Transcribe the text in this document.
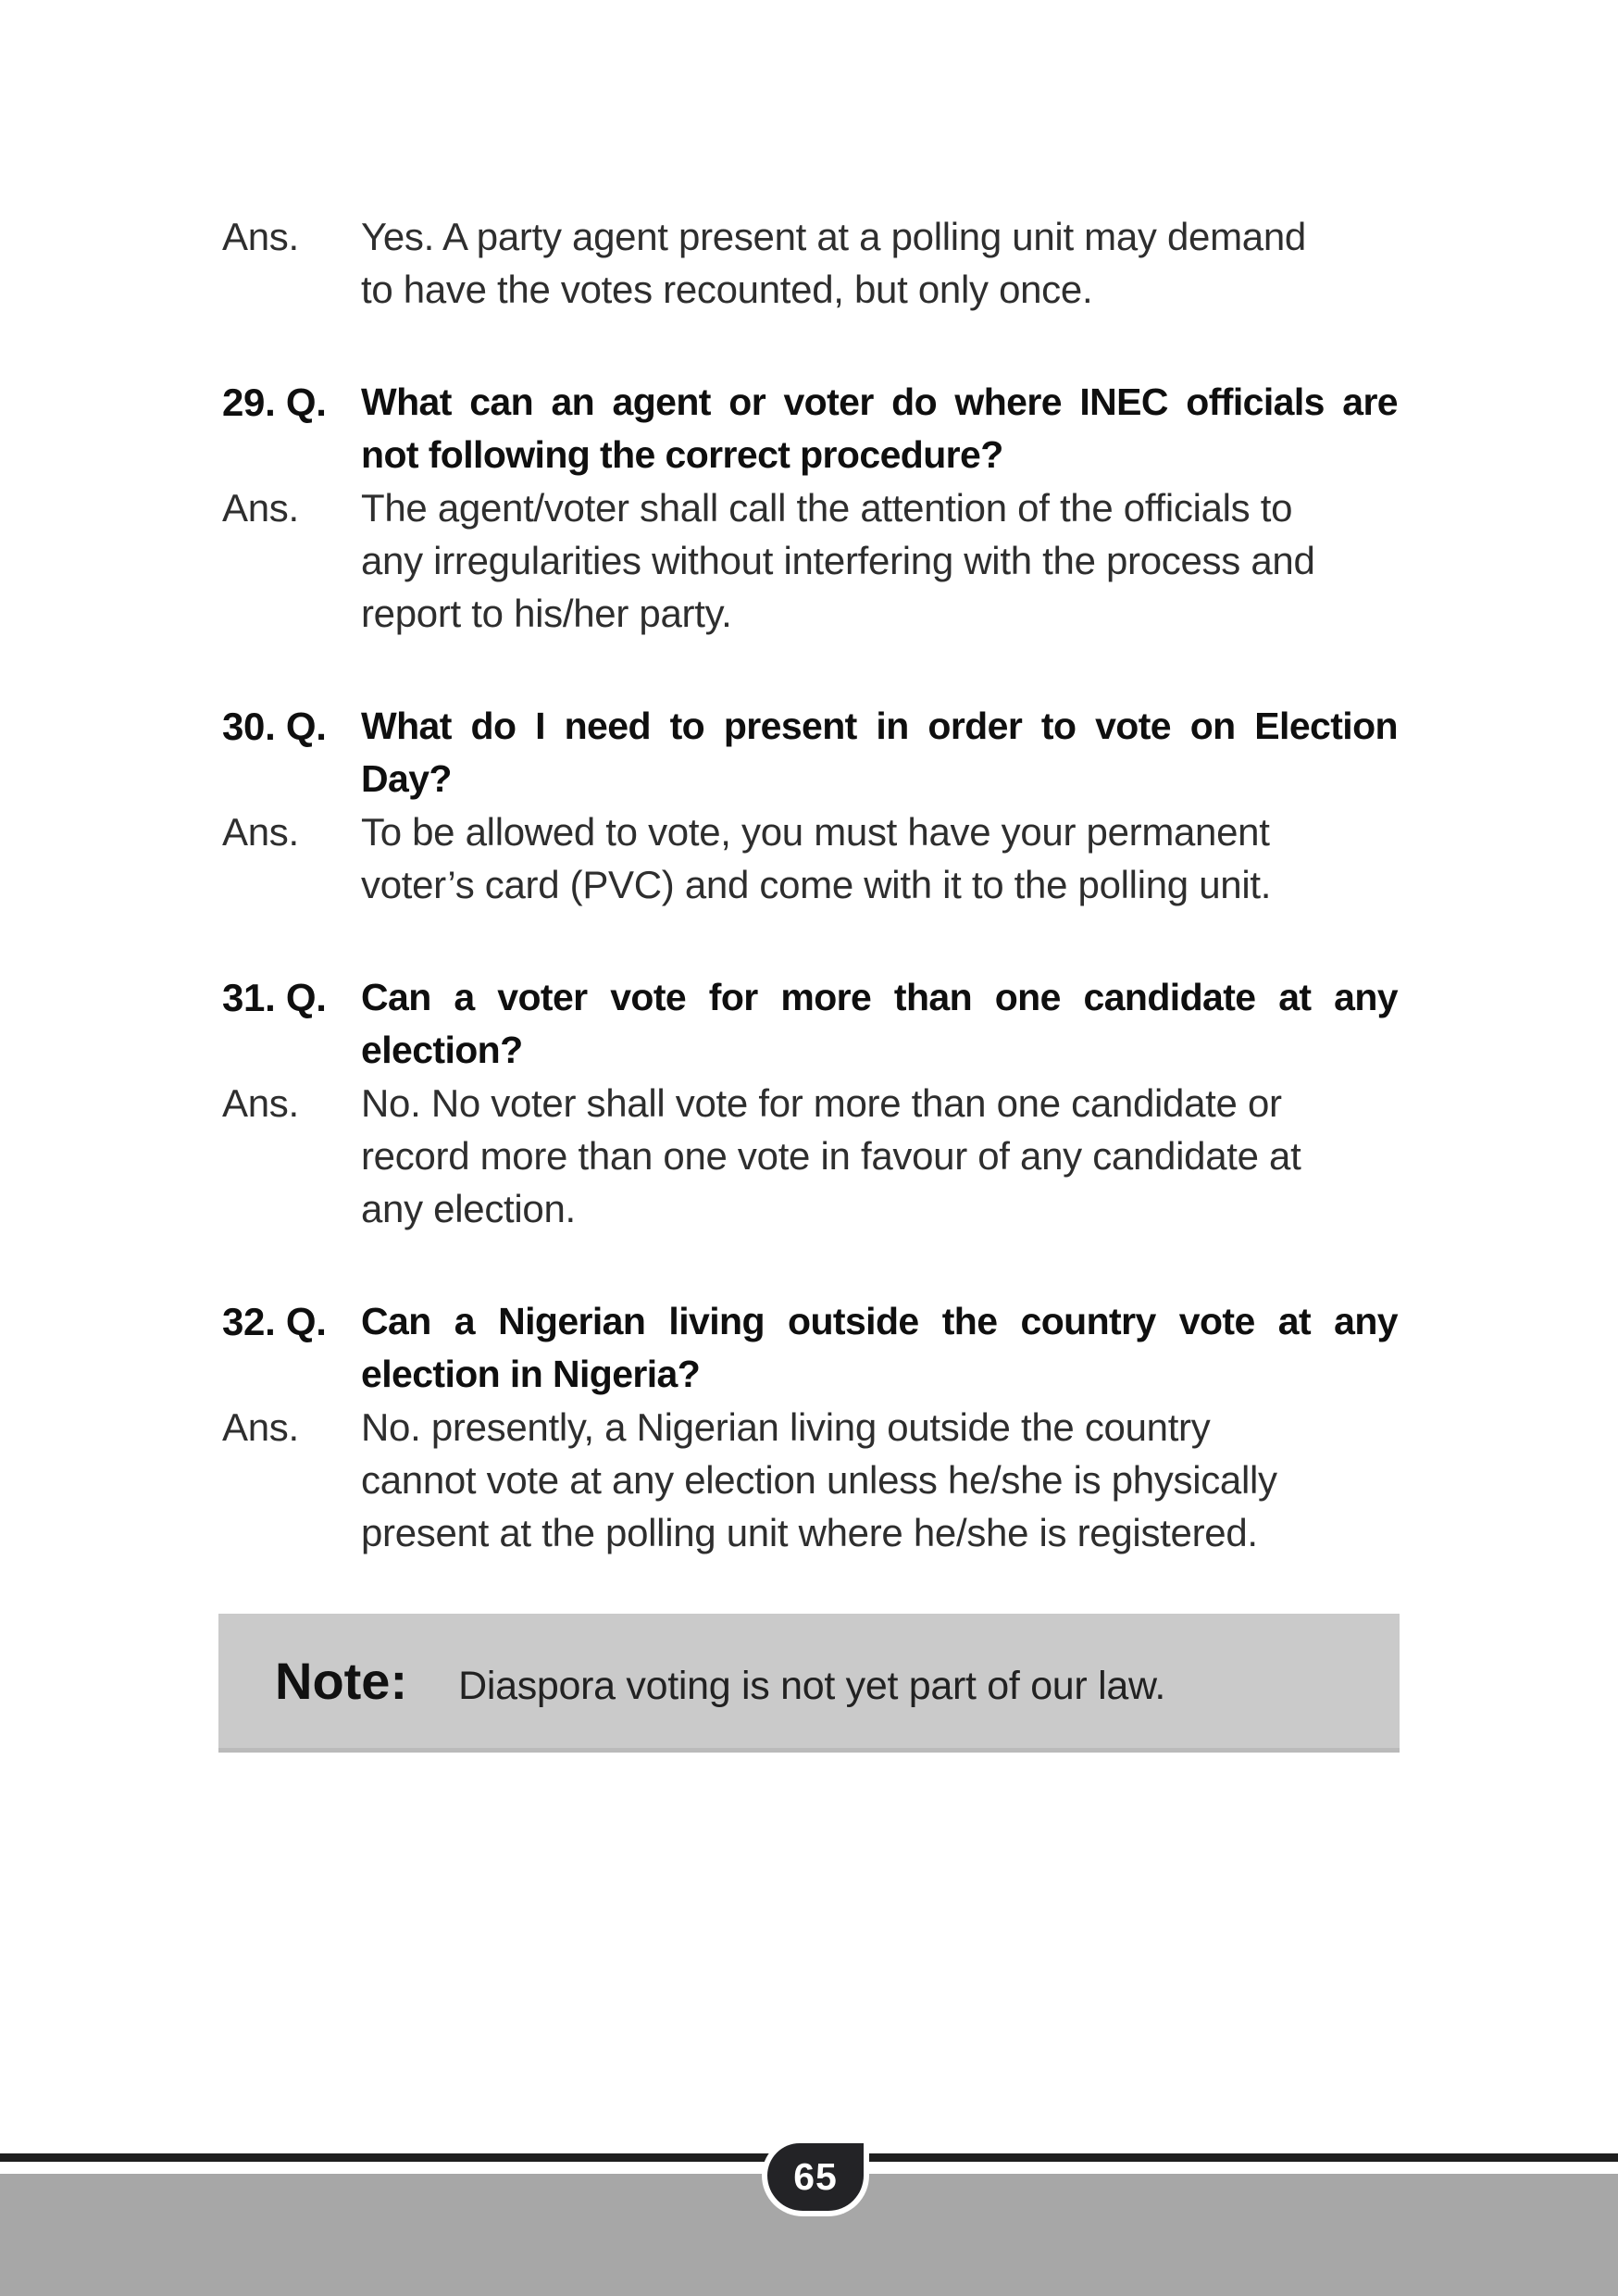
Ans.	Yes. A party agent present at a polling unit may demand
to have the votes recounted, but only once.
29. Q. What can an agent or voter do where INEC officials are
not following the correct procedure?
Ans.	The agent/voter shall call the attention of the officials to
any irregularities without interfering with the process and
report to his/her party.
30. Q. What do I need to present in order to vote on Election
Day?
Ans.	To be allowed to vote, you must have your permanent
voter’s card (PVC) and come with it to the polling unit.
31. Q. Can a voter vote for more than one candidate at any
election?
Ans.	No. No voter shall vote for more than one candidate or
record more than one vote in favour of any candidate at
any election.
32. Q. Can a Nigerian living outside the country vote at any
election in Nigeria?
Ans.	No. presently, a Nigerian living outside the country
cannot vote at any election unless he/she is physically
present at the polling unit where he/she is registered.
Note: Diaspora voting is not yet part of our law.
65
